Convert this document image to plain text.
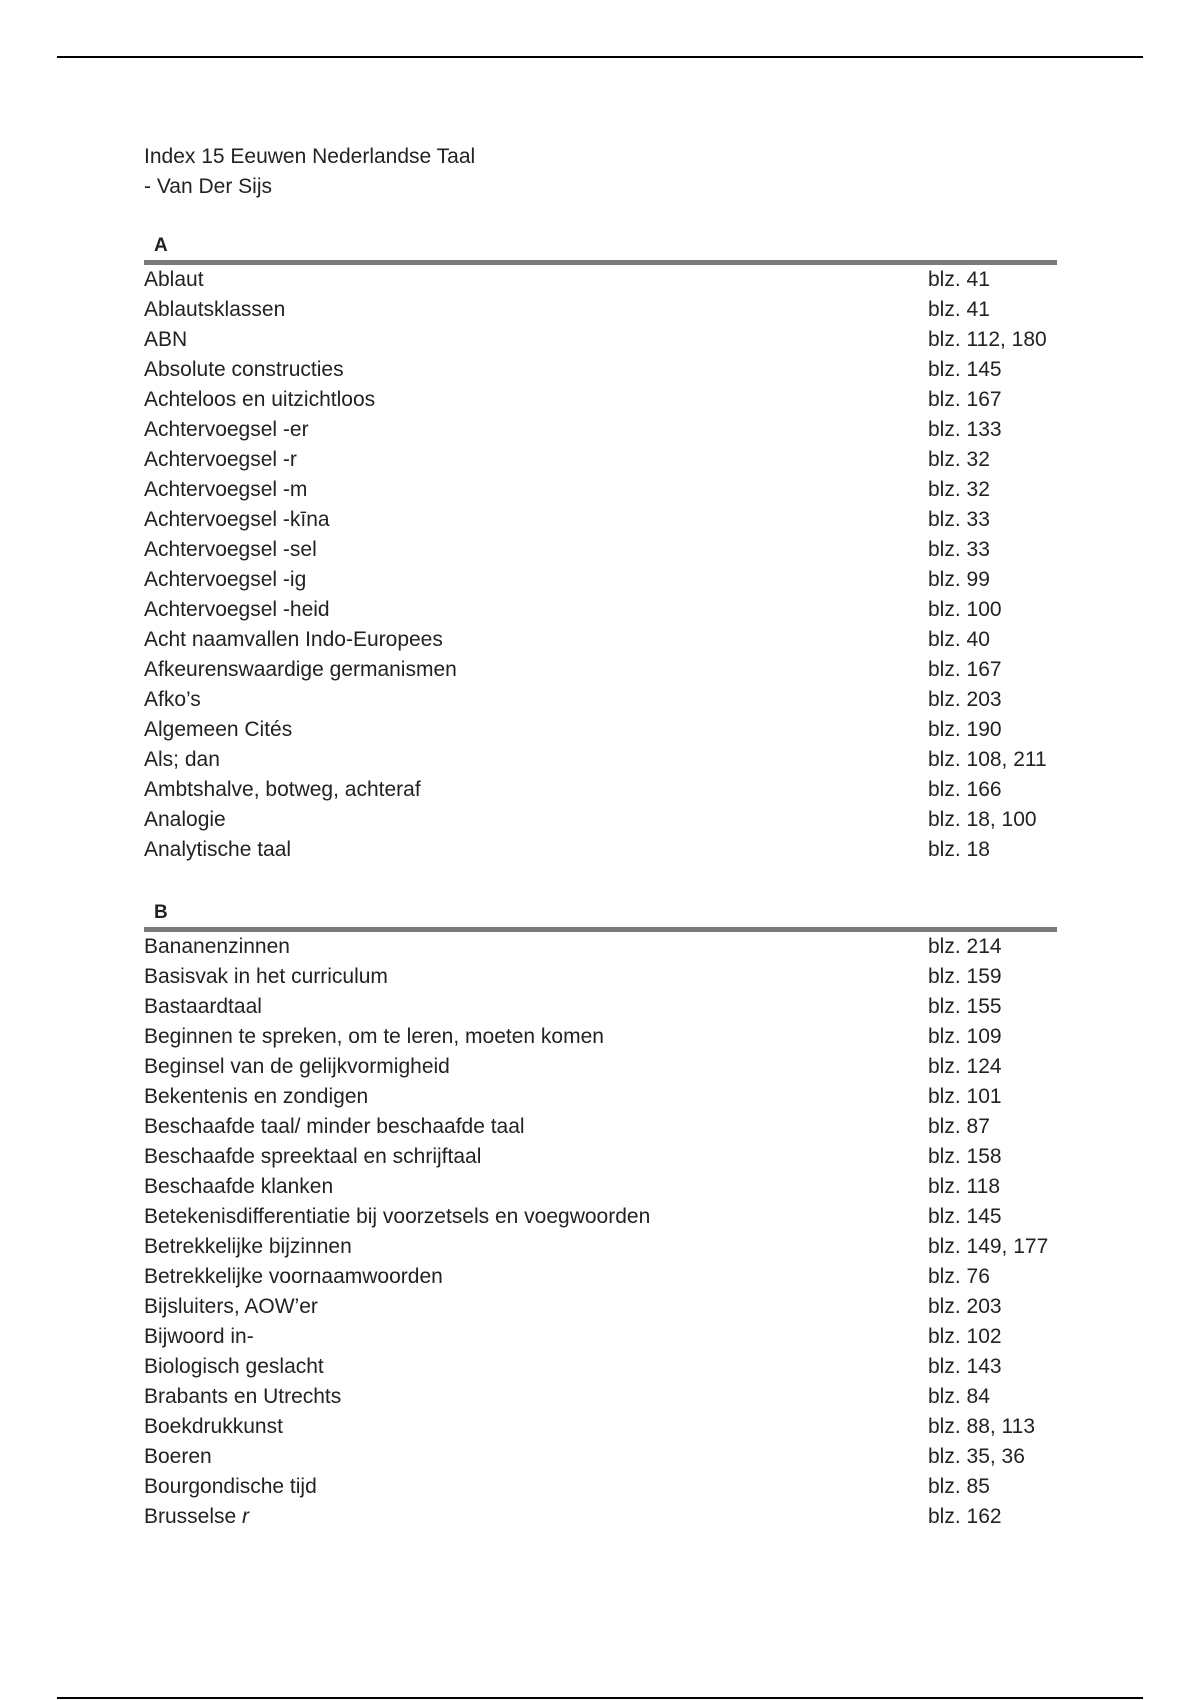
Index 15 Eeuwen Nederlandse Taal
- Van Der Sijs

A
Ablaut	blz. 41
Ablautsklassen	blz. 41
ABN	blz. 112, 180
Absolute constructies	blz. 145
Achteloos en uitzichtloos	blz. 167
Achtervoegsel -er	blz. 133
Achtervoegsel -r	blz. 32
Achtervoegsel -m	blz. 32
Achtervoegsel -kīna	blz. 33
Achtervoegsel -sel	blz. 33
Achtervoegsel -ig	blz. 99
Achtervoegsel -heid	blz. 100
Acht naamvallen Indo-Europees	blz. 40
Afkeurenswaardige germanismen	blz. 167
Afko’s	blz. 203
Algemeen Cités	blz. 190
Als; dan	blz. 108, 211
Ambtshalve, botweg, achteraf	blz. 166
Analogie	blz. 18, 100
Analytische taal	blz. 18
B
Bananenzinnen	blz. 214
Basisvak in het curriculum	blz. 159
Bastaardtaal	blz. 155
Beginnen te spreken, om te leren, moeten komen	blz. 109
Beginsel van de gelijkvormigheid	blz. 124
Bekentenis en zondigen	blz. 101
Beschaafde taal/ minder beschaafde taal	blz. 87
Beschaafde spreektaal en schrijftaal	blz. 158
Beschaafde klanken	blz. 118
Betekenisdifferentiatie bij voorzetsels en voegwoorden	blz. 145
Betrekkelijke bijzinnen	blz. 149, 177
Betrekkelijke voornaamwoorden	blz. 76
Bijsluiters, AOW’er	blz. 203
Bijwoord in-	blz. 102
Biologisch geslacht	blz. 143
Brabants en Utrechts	blz. 84
Boekdrukkunst	blz. 88, 113
Boeren	blz. 35, 36
Bourgondische tijd	blz. 85
Brusselse r	blz. 162
